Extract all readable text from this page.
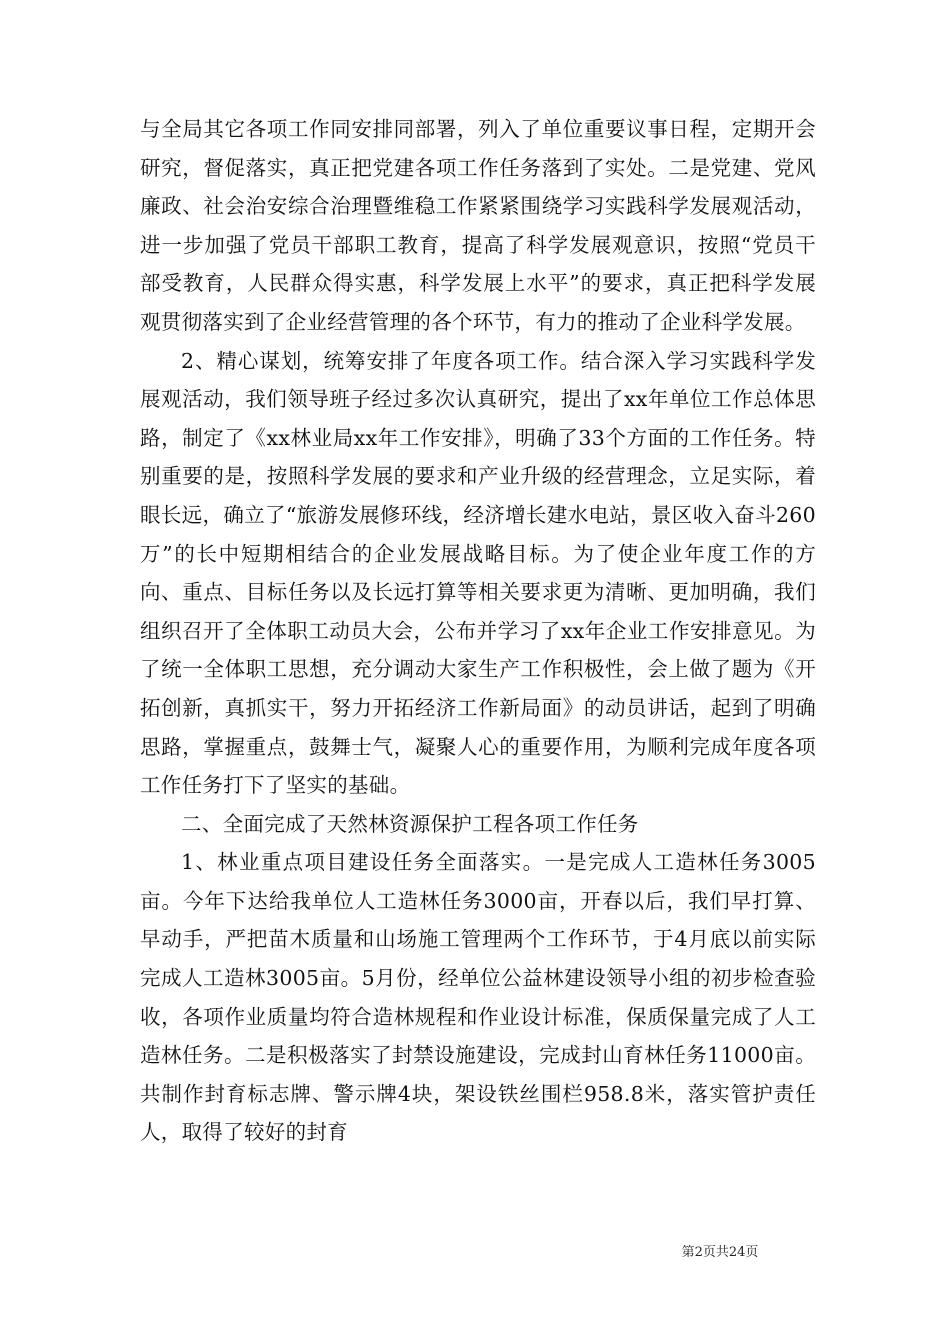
与全局其它各项工作同安排同部署，列入了单位重要议事日程，定期开会研究，督促落实，真正把党建各项工作任务落到了实处。二是党建、党风廉政、社会治安综合治理暨维稳工作紧紧围绕学习实践科学发展观活动，进一步加强了党员干部职工教育，提高了科学发展观意识，按照“党员干部受教育，人民群众得实惠，科学发展上水平”的要求，真正把科学发展观贯彻落实到了企业经营管理的各个环节，有力的推动了企业科学发展。

2、精心谋划，统筹安排了年度各项工作。结合深入学习实践科学发展观活动，我们领导班子经过多次认真研究，提出了xx年单位工作总体思路，制定了《xx林业局xx年工作安排》，明确了33个方面的工作任务。特别重要的是，按照科学发展的要求和产业升级的经营理念，立足实际，着眼长远，确立了“旅游发展修环线，经济增长建水电站，景区收入奋斗260万”的长中短期相结合的企业发展战略目标。为了使企业年度工作的方向、重点、目标任务以及长远打算等相关要求更为清晰、更加明确，我们组织召开了全体职工动员大会，公布并学习了xx年企业工作安排意见。为了统一全体职工思想，充分调动大家生产工作积极性，会上做了题为《开拓创新，真抓实干，努力开拓经济工作新局面》的动员讲话，起到了明确思路，掌握重点，鼓舞士气，凝聚人心的重要作用，为顺利完成年度各项工作任务打下了坚实的基础。

二、全面完成了天然林资源保护工程各项工作任务

1、林业重点项目建设任务全面落实。一是完成人工造林任务3005亩。今年下达给我单位人工造林任务3000亩，开春以后，我们早打算、早动手，严把苗木质量和山场施工管理两个工作环节，于4月底以前实际完成人工造林3005亩。5月份，经单位公益林建设领导小组的初步检查验收，各项作业质量均符合造林规程和作业设计标准，保质保量完成了人工造林任务。二是积极落实了封禁设施建设，完成封山育林任务11000亩。共制作封育标志牌、警示牌4块，架设铁丝围栏958.8米，落实管护责任人，取得了较好的封育

第2页共24页
